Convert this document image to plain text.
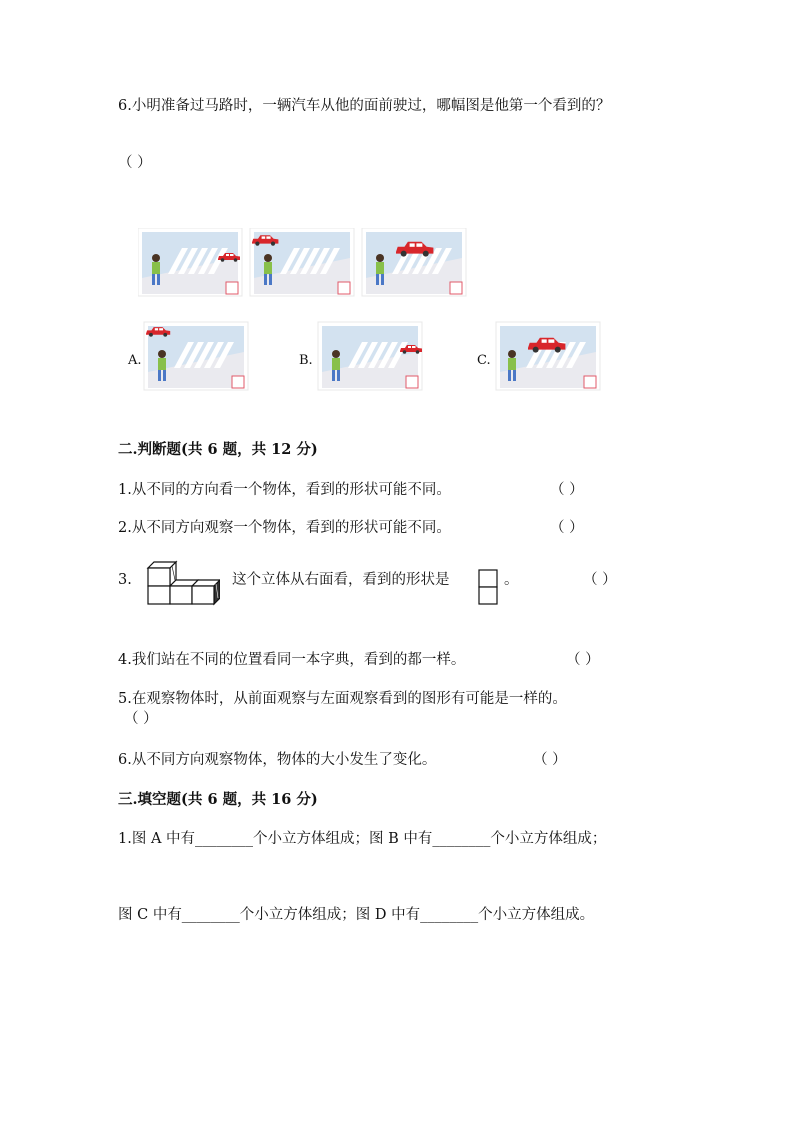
6.小明准备过马路时，一辆汽车从他的面前驶过，哪幅图是他第一个看到的？
（ ）
A.	B.	C.
二.判断题(共 6 题，共 12 分)
1.从不同的方向看一个物体，看到的形状可能不同。	（ ）
2.从不同方向观察一个物体，看到的形状可能不同。	（ ）
3.	这个立体从右面看，看到的形状是	。	（ ）
4.我们站在不同的位置看同一本字典，看到的都一样。	（ ）
5.在观察物体时，从前面观察与左面观察看到的图形有可能是一样的。
（ ）
6.从不同方向观察物体，物体的大小发生了变化。	（ ）
三.填空题(共 6 题，共 16 分)
1.图 A 中有________个小立方体组成；图 B 中有________个小立方体组成；
图 C 中有________个小立方体组成；图 D 中有________个小立方体组成。
